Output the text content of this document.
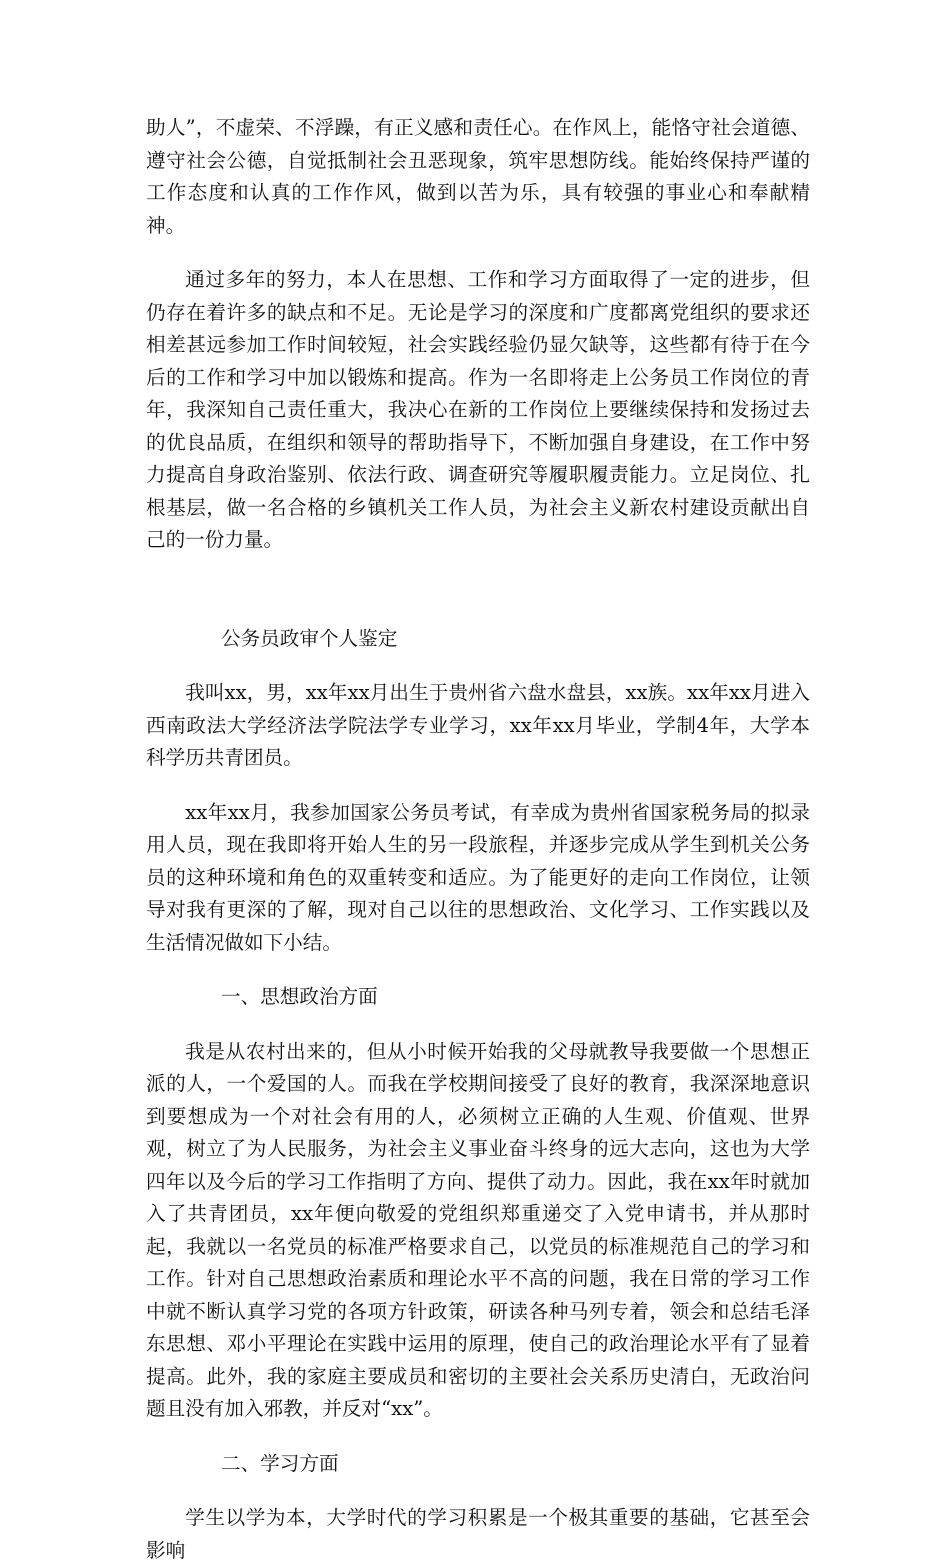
助人”，不虚荣、不浮躁，有正义感和责任心。在作风上，能恪守社会道德、遵守社会公德，自觉抵制社会丑恶现象，筑牢思想防线。能始终保持严谨的工作态度和认真的工作作风，做到以苦为乐，具有较强的事业心和奉献精神。

通过多年的努力，本人在思想、工作和学习方面取得了一定的进步，但仍存在着许多的缺点和不足。无论是学习的深度和广度都离党组织的要求还相差甚远参加工作时间较短，社会实践经验仍显欠缺等，这些都有待于在今后的工作和学习中加以锻炼和提高。作为一名即将走上公务员工作岗位的青年，我深知自己责任重大，我决心在新的工作岗位上要继续保持和发扬过去的优良品质，在组织和领导的帮助指导下，不断加强自身建设，在工作中努力提高自身政治鉴别、依法行政、调查研究等履职履责能力。立足岗位、扎根基层，做一名合格的乡镇机关工作人员，为社会主义新农村建设贡献出自己的一份力量。

公务员政审个人鉴定

我叫xx，男，xx年xx月出生于贵州省六盘水盘县，xx族。xx年xx月进入西南政法大学经济法学院法学专业学习，xx年xx月毕业，学制4年，大学本科学历共青团员。

xx年xx月，我参加国家公务员考试，有幸成为贵州省国家税务局的拟录用人员，现在我即将开始人生的另一段旅程，并逐步完成从学生到机关公务员的这种环境和角色的双重转变和适应。为了能更好的走向工作岗位，让领导对我有更深的了解，现对自己以往的思想政治、文化学习、工作实践以及生活情况做如下小结。

一、思想政治方面

我是从农村出来的，但从小时候开始我的父母就教导我要做一个思想正派的人，一个爱国的人。而我在学校期间接受了良好的教育，我深深地意识到要想成为一个对社会有用的人，必须树立正确的人生观、价值观、世界观，树立了为人民服务，为社会主义事业奋斗终身的远大志向，这也为大学四年以及今后的学习工作指明了方向、提供了动力。因此，我在xx年时就加入了共青团员，xx年便向敬爱的党组织郑重递交了入党申请书，并从那时起，我就以一名党员的标准严格要求自己，以党员的标准规范自己的学习和工作。针对自己思想政治素质和理论水平不高的问题，我在日常的学习工作中就不断认真学习党的各项方针政策，研读各种马列专着，领会和总结毛泽东思想、邓小平理论在实践中运用的原理，使自己的政治理论水平有了显着提高。此外，我的家庭主要成员和密切的主要社会关系历史清白，无政治问题且没有加入邪教，并反对“xx”。

二、学习方面

学生以学为本，大学时代的学习积累是一个极其重要的基础，它甚至会影响
